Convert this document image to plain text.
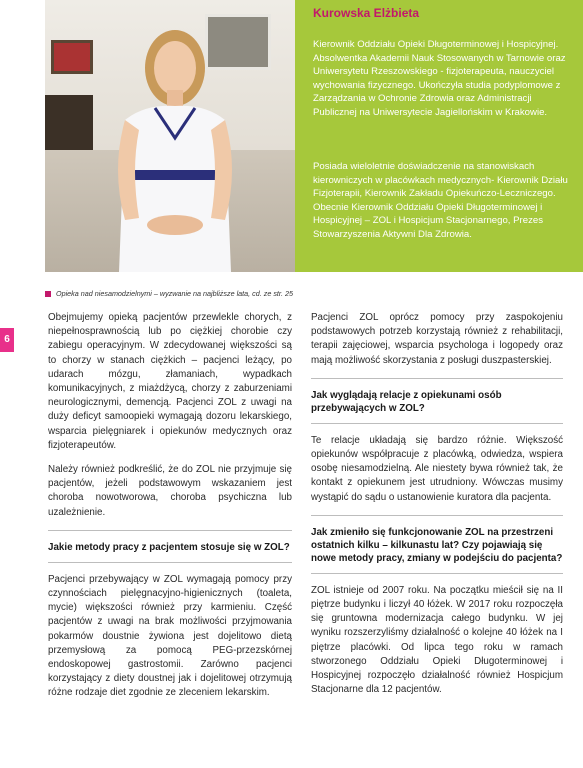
Kurowska Elżbieta

Kierownik Oddziału Opieki Długoterminowej i Hospicyjnej. Absolwentka Akademii Nauk Stosowanych w Tarnowie oraz Uniwersytetu Rzeszowskiego - fizjoterapeuta, nauczyciel wychowania fizycznego. Ukończyła studia podyplomowe z Zarządzania w Ochronie Zdrowia oraz Administracji Publicznej na Uniwersytecie Jagiellońskim w Krakowie.

Posiada wieloletnie doświadczenie na stanowiskach kierowniczych w placówkach medycznych- Kierownik Działu Fizjoterapii, Kierownik Zakładu Opiekuńczo-Leczniczego. Obecnie Kierownik Oddziału Opieki Długoterminowej i Hospicyjnej – ZOL i Hospicjum Stacjonarnego, Prezes Stowarzyszenia Aktywni Dla Zdrowia.

Opieka nad niesamodzielnymi – wyzwanie na najbliższe lata, cd. ze str. 25
6

Obejmujemy opieką pacjentów przewlekle chorych, z niepełnosprawnością lub po ciężkiej chorobie czy zabiegu operacyjnym. W zdecydowanej większości są to chorzy w stanach ciężkich – pacjenci leżący, po udarach mózgu, złamaniach, wypadkach komunikacyjnych, z miażdżycą, chorzy z zaburzeniami neurologicznymi, demencją. Pacjenci ZOL z uwagi na duży deficyt samoopieki wymagają dozoru lekarskiego, wsparcia pielęgniarek i opiekunów medycznych oraz fizjoterapeutów.

Należy również podkreślić, że do ZOL nie przyjmuje się pacjentów, jeżeli podstawowym wskazaniem jest choroba nowotworowa, choroba psychiczna lub uzależnienie.

Jakie metody pracy z pacjentem stosuje się w ZOL?

Pacjenci przebywający w ZOL wymagają pomocy przy czynnościach pielęgnacyjno-higienicznych (toaleta, mycie) większości również przy karmieniu. Część pacjentów z uwagi na brak możliwości przyjmowania pokarmów doustnie żywiona jest dojelitowo dietą przemysłową za pomocą PEG-przezskórnej endoskopowej gastrostomii. Zarówno pacjenci korzystający z diety doustnej jak i dojelitowej otrzymują różne rodzaje diet zgodnie ze zleceniem lekarskim.

Pacjenci ZOL oprócz pomocy przy zaspokojeniu podstawowych potrzeb korzystają również z rehabilitacji, terapii zajęciowej, wsparcia psychologa i logopedy oraz mają możliwość skorzystania z posługi duszpasterskiej.

Jak wyglądają relacje z opiekunami osób przebywających w ZOL?

Te relacje układają się bardzo różnie. Większość opiekunów współpracuje z placówką, odwiedza, wspiera osobę niesamodzielną. Ale niestety bywa również tak, że kontakt z opiekunem jest utrudniony. Wówczas musimy wystąpić do sądu o ustanowienie kuratora dla pacjenta.

Jak zmieniło się funkcjonowanie ZOL na przestrzeni ostatnich kilku – kilkunastu lat? Czy pojawiają się nowe metody pracy, zmiany w podejściu do pacjenta?

ZOL istnieje od 2007 roku. Na początku mieścił się na II piętrze budynku i liczył 40 łóżek. W 2017 roku rozpoczęła się gruntowna modernizacja całego budynku. W jej wyniku rozszerzyliśmy działalność o kolejne 40 łóżek na I piętrze placówki. Od lipca tego roku w ramach stworzonego Oddziału Opieki Długoterminowej i Hospicyjnej rozpoczęło działalność również Hospicjum Stacjonarne dla 12 pacjentów.
